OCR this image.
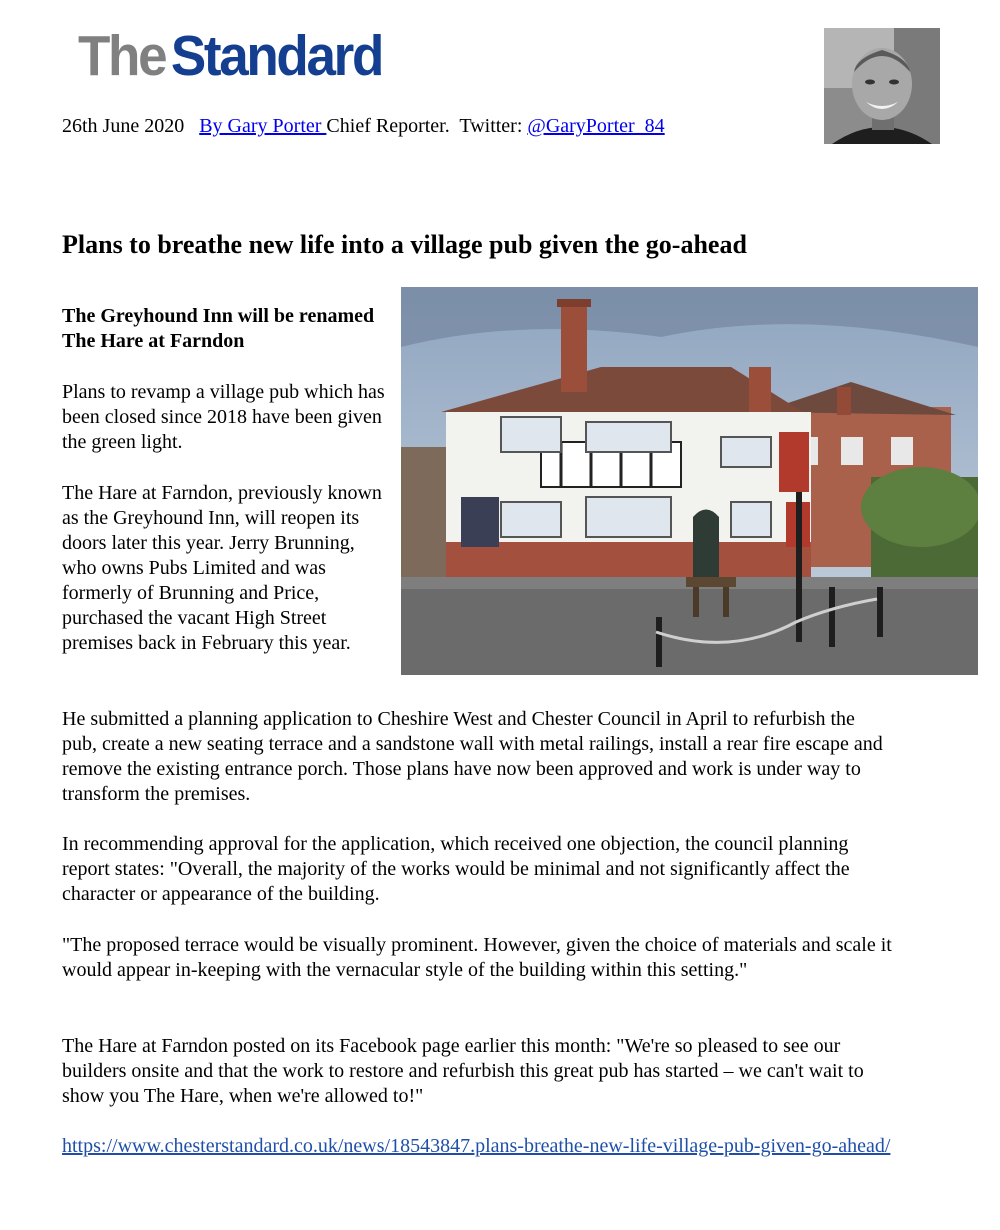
TheStandard
26th June 2020 By Gary Porter Chief Reporter. Twitter: @GaryPorter_84
Plans to breathe new life into a village pub given the go-ahead

The Greyhound Inn will be renamed The Hare at Farndon

Plans to revamp a village pub which has been closed since 2018 have been given the green light.

The Hare at Farndon, previously known as the Greyhound Inn, will reopen its doors later this year. Jerry Brunning, who owns Pubs Limited and was formerly of Brunning and Price, purchased the vacant High Street premises back in February this year.

He submitted a planning application to Cheshire West and Chester Council in April to refurbish the pub, create a new seating terrace and a sandstone wall with metal railings, install a rear fire escape and remove the existing entrance porch. Those plans have now been approved and work is under way to transform the premises.

In recommending approval for the application, which received one objection, the council planning report states: "Overall, the majority of the works would be minimal and not significantly affect the character or appearance of the building.

"The proposed terrace would be visually prominent. However, given the choice of materials and scale it would appear in-keeping with the vernacular style of the building within this setting."

The Hare at Farndon posted on its Facebook page earlier this month: "We're so pleased to see our builders onsite and that the work to restore and refurbish this great pub has started – we can't wait to show you The Hare, when we're allowed to!"

https://www.chesterstandard.co.uk/news/18543847.plans-breathe-new-life-village-pub-given-go-ahead/
